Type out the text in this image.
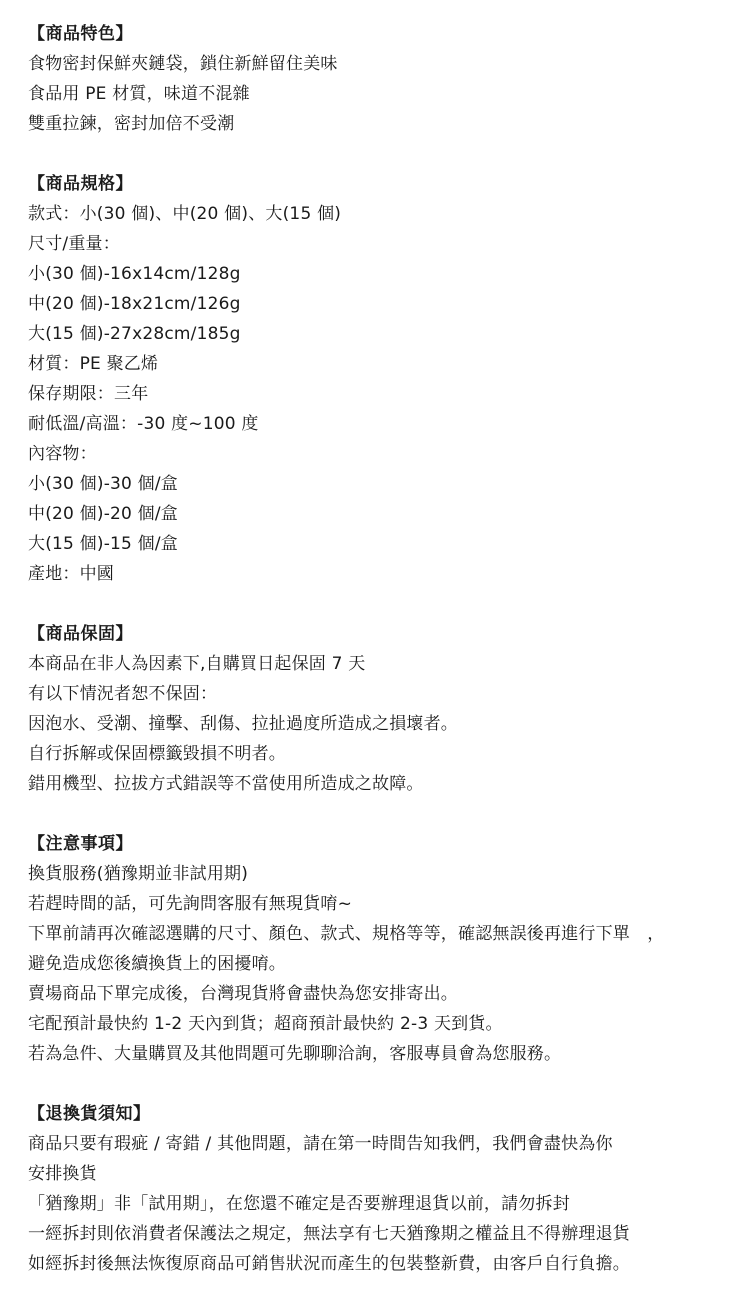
【商品特色】
食物密封保鮮夾鏈袋，鎖住新鮮留住美味
食品用 PE 材質，味道不混雜
雙重拉鍊，密封加倍不受潮
【商品規格】
款式：小(30 個)、中(20 個)、大(15 個)
尺寸/重量：
小(30 個)-16x14cm/128g
中(20 個)-18x21cm/126g
大(15 個)-27x28cm/185g
材質：PE 聚乙烯
保存期限：三年
耐低溫/高溫：-30 度~100 度
內容物：
小(30 個)-30 個/盒
中(20 個)-20 個/盒
大(15 個)-15 個/盒
產地：中國
【商品保固】
本商品在非人為因素下,自購買日起保固 7 天
有以下情況者恕不保固：
因泡水、受潮、撞擊、刮傷、拉扯過度所造成之損壞者。
自行拆解或保固標籤毀損不明者。
錯用機型、拉拔方式錯誤等不當使用所造成之故障。
【注意事項】
換貨服務(猶豫期並非試用期)
若趕時間的話，可先詢問客服有無現貨唷~
下單前請再次確認選購的尺寸、顏色、款式、規格等等，確認無誤後再進行下單　，
避免造成您後續換貨上的困擾唷。
賣場商品下單完成後，台灣現貨將會盡快為您安排寄出。
宅配預計最快約 1-2 天內到貨；超商預計最快約 2-3 天到貨。
若為急件、大量購買及其他問題可先聊聊洽詢，客服專員會為您服務。
【退換貨須知】
商品只要有瑕疵 / 寄錯 / 其他問題，請在第一時間告知我們，我們會盡快為你
安排換貨
「猶豫期」非「試用期」，在您還不確定是否要辦理退貨以前，請勿拆封
一經拆封則依消費者保護法之規定，無法享有七天猶豫期之權益且不得辦理退貨
如經拆封後無法恢復原商品可銷售狀況而產生的包裝整新費，由客戶自行負擔。
